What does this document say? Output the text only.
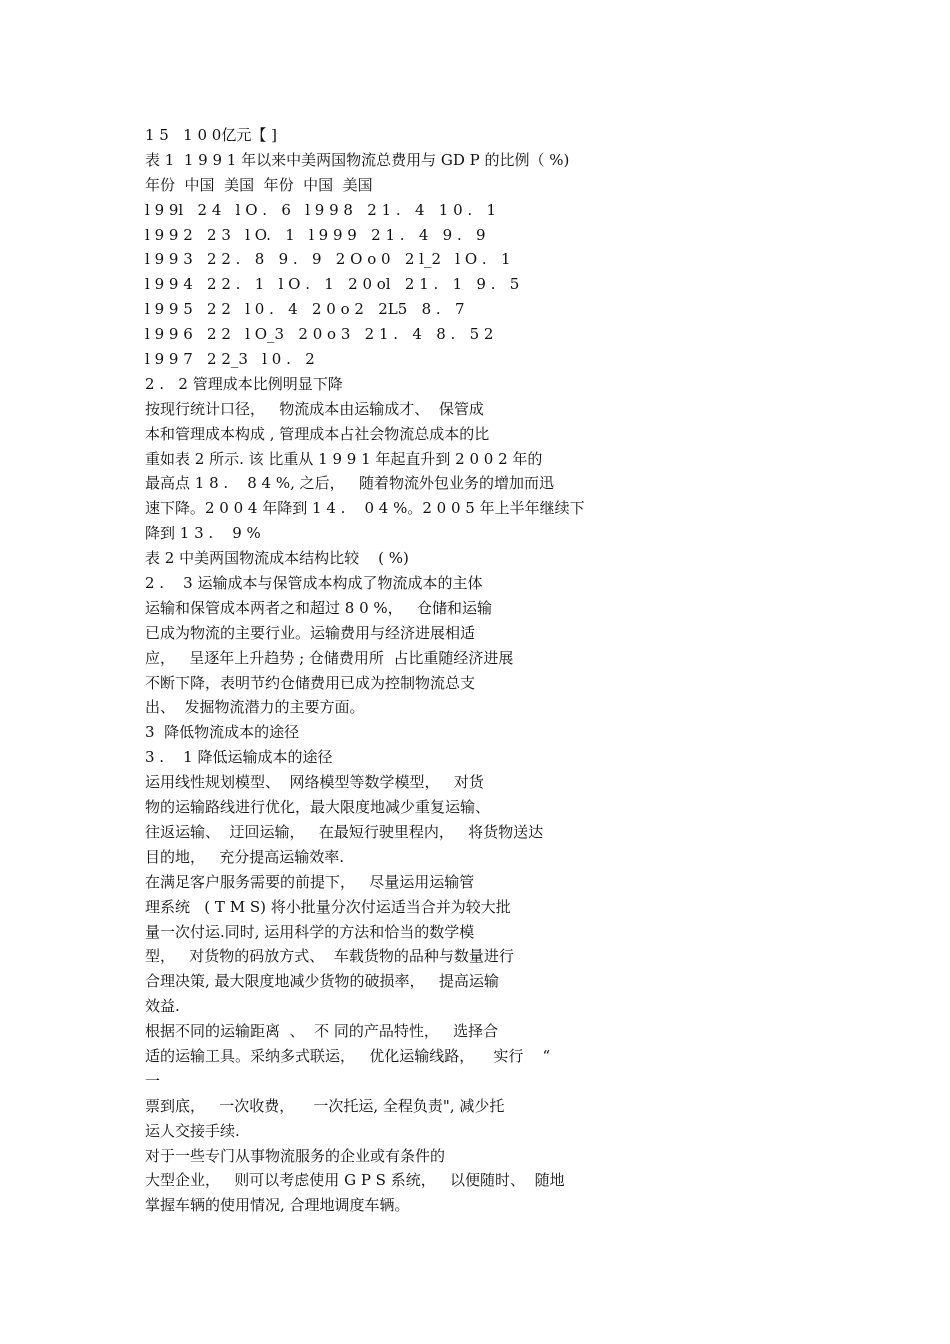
1 5   1 0 0亿元【 ]
表 1  1 9 9 1 年以来中美两国物流总费用与 GD P 的比例（ %)
年份  中国  美国  年份  中国  美国
l 9 9l   2 4   l O .   6   l 9 9 8   2 1 .   4   1 0 .   1
l 9 9 2   2 3   l O.   1   l 9 9 9   2 1 .   4   9 .   9
l 9 9 3   2 2 .   8   9 .   9   2 O o 0   2 l_2   l O .   1
l 9 9 4   2 2 .   1   l O .   1   2 0 ol   2 1 .   1   9 .   5
l 9 9 5   2 2   l 0 .   4   2 0 o 2   2L5   8 .   7
l 9 9 6   2 2   l O_3   2 0 o 3   2 1 .   4   8 .   5 2
l 9 9 7   2 2_3   l 0 .   2
2 .   2 管理成本比例明显下降
按现行统计口径，   物流成本由运输成才、  保管成
本和管理成本构成 , 管理成本占社会物流总成本的比
重如表 2 所示. 该 比重从 1 9 9 1 年起直升到 2 0 0 2 年的
最高点 1 8 .    8 4 %, 之后，   随着物流外包业务的增加而迅
速下降。2 0 0 4 年降到 1 4 .    0 4 %。2 0 0 5 年上半年继续下
降到 1 3 .    9 %
表 2 中美两国物流成本结构比较    ( %)
2 .    3 运输成本与保管成本构成了物流成本的主体
运输和保管成本两者之和超过 8 0 %，   仓储和运输
已成为物流的主要行业。运输费用与经济进展相适
应，   呈逐年上升趋势 ; 仓储费用所  占比重随经济进展
不断下降，表明节约仓储费用已成为控制物流总支
出、  发掘物流潜力的主要方面。
3  降低物流成本的途径
3 .    1 降低运输成本的途径
运用线性规划模型、  网络模型等数学模型，   对货
物的运输路线进行优化，最大限度地减少重复运输、
往返运输、  迂回运输，   在最短行驶里程内，   将货物送达
目的地，   充分提高运输效率.
在满足客户服务需要的前提下，   尽量运用运输管
理系统   ( T M S) 将小批量分次付运适当合并为较大批
量一次付运.同时, 运用科学的方法和恰当的数学模
型，   对货物的码放方式、  车载货物的品种与数量进行
合理决策, 最大限度地减少货物的破损率，   提高运输
效益.
根据不同的运输距离  、  不 同的产品特性，   选择合
适的运输工具。采纳多式联运，   优化运输线路，    实行    “
一
票到底，   一次收费，    一次托运, 全程负责", 减少托
运人交接手续.
对于一些专门从事物流服务的企业或有条件的
大型企业，   则可以考虑使用 G P S 系统，   以便随时、  随地
掌握车辆的使用情况, 合理地调度车辆。
